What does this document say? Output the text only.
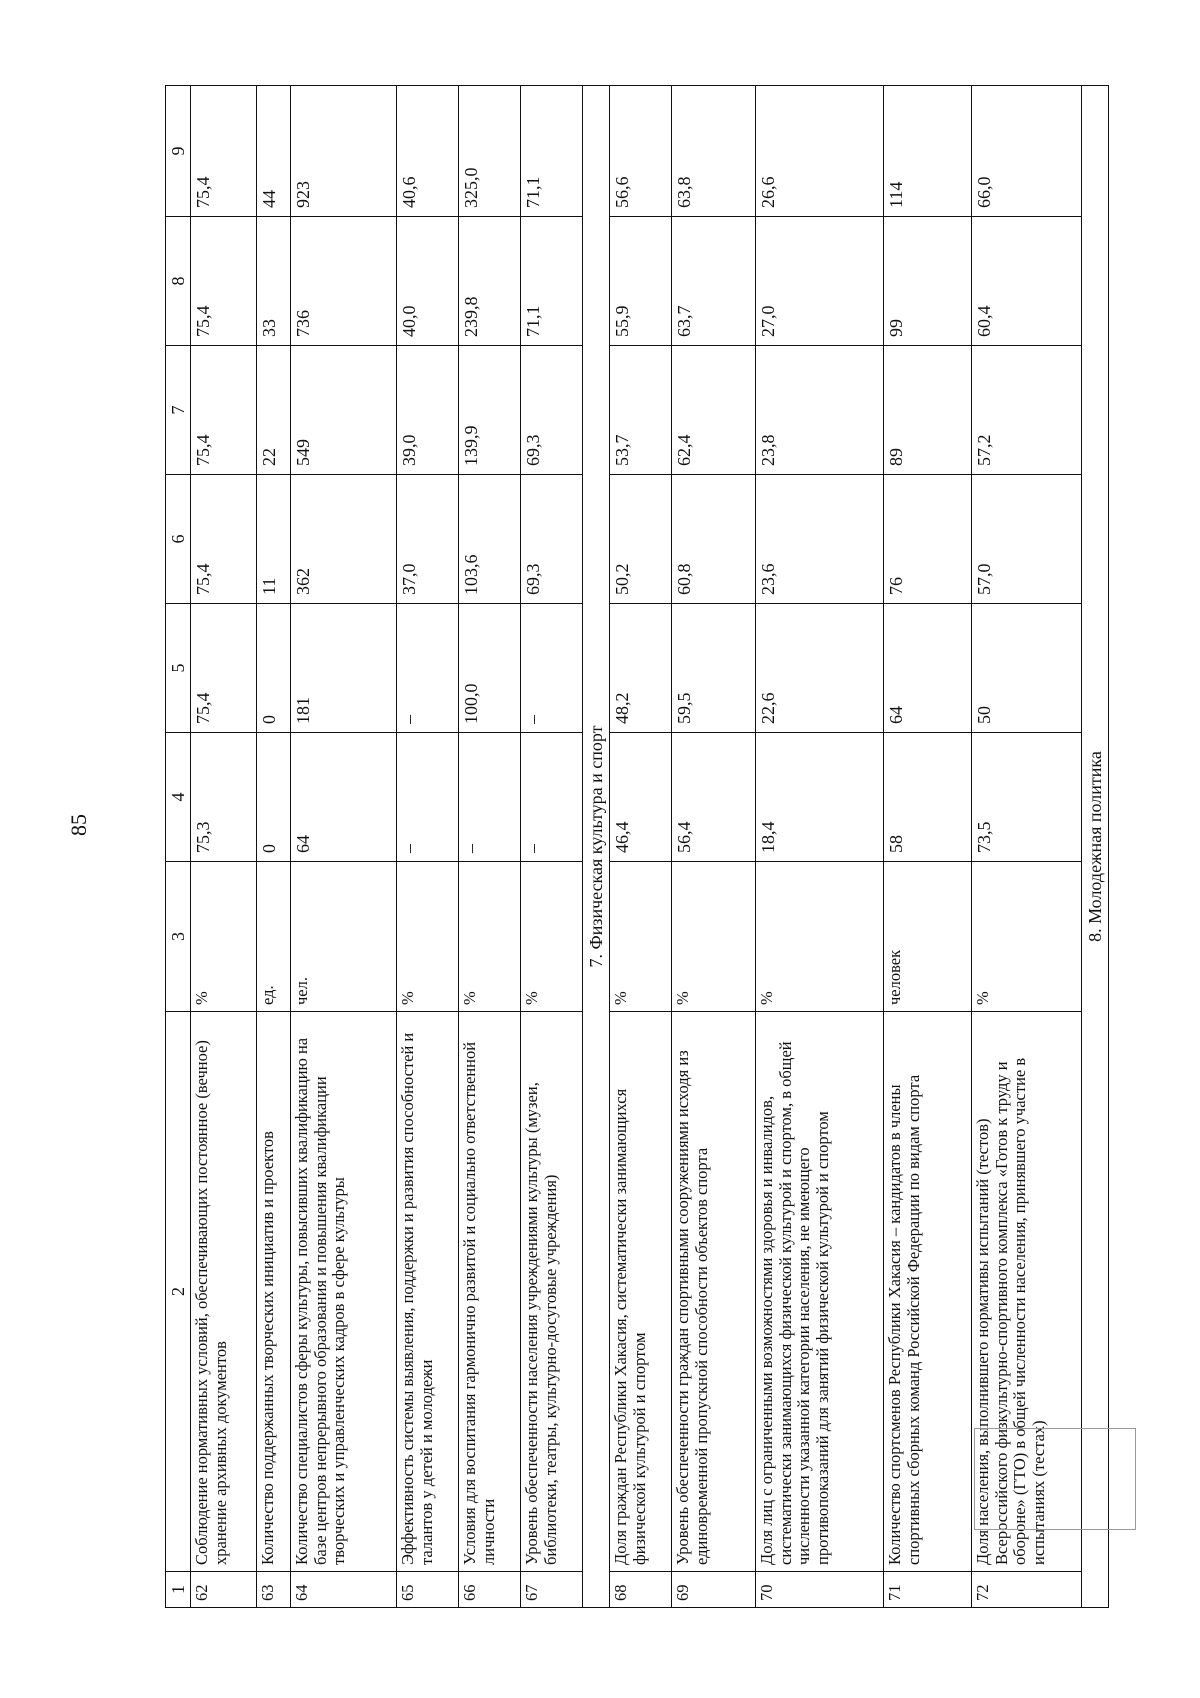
85
1	2	3	4	5	6	7	8	9
62	Соблюдение нормативных условий, обеспечивающих постоянное (вечное) хранение архивных документов	%	75,3	75,4	75,4	75,4	75,4	75,4
63	Количество поддержанных творческих инициатив и проектов	ед.	0	0	11	22	33	44
64	Количество специалистов сферы культуры, повысивших квалификацию на базе центров непрерывного образования и повышения квалификации творческих и управленческих кадров в сфере культуры	чел.	64	181	362	549	736	923
65	Эффективность системы выявления, поддержки и развития способностей и талантов у детей и молодежи	%	–	–	37,0	39,0	40,0	40,6
66	Условия для воспитания гармонично развитой и социально ответственной личности	%	–	100,0	103,6	139,9	239,8	325,0
67	Уровень обеспеченности населения учреждениями культуры (музеи, библиотеки, театры, культурно-досуговые учреждения)	%	–	–	69,3	69,3	71,1	71,1
7. Физическая культура и спорт								
68	Доля граждан Республики Хакасия, систематически занимающихся физической культурой и спортом	%	46,4	48,2	50,2	53,7	55,9	56,6
69	Уровень обеспеченности граждан спортивными сооружениями исходя из единовременной пропускной способности объектов спорта	%	56,4	59,5	60,8	62,4	63,7	63,8
70	Доля лиц с ограниченными возможностями здоровья и инвалидов, систематически занимающихся физической культурой и спортом, в общей численности указанной категории населения, не имеющего противопоказаний для занятий физической культурой и спортом	%	18,4	22,6	23,6	23,8	27,0	26,6
71	Количество спортсменов Республики Хакасия – кандидатов в члены спортивных сборных команд Российской Федерации по видам спорта	человек	58	64	76	89	99	114
72	Доля населения, выполнившего нормативы испытаний (тестов) Всероссийского физкультурно-спортивного комплекса «Готов к труду и обороне» (ГТО) в общей численности населения, принявшего участие в испытаниях (тестах)	%	73,5	50	57,0	57,2	60,4	66,0
8. Молодежная политика								
